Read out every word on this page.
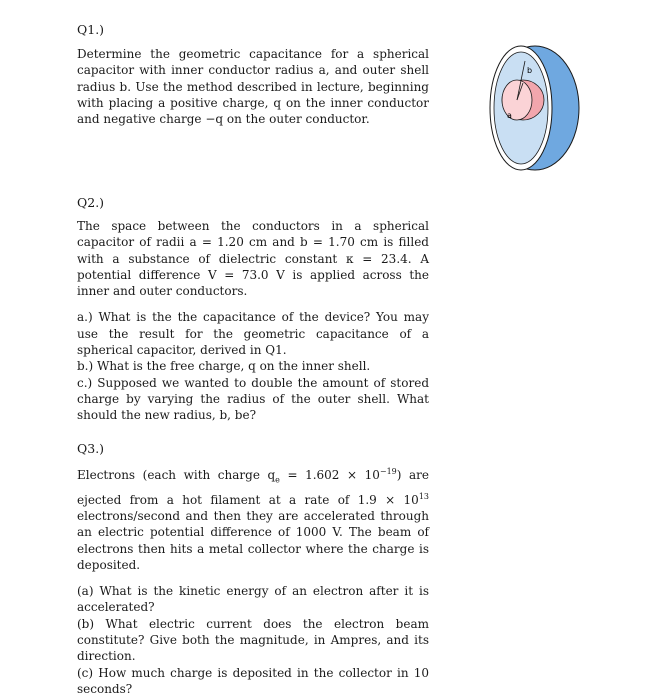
Q1.)

Determine the geometric capacitance for a spherical capacitor with inner conductor radius a, and outer shell radius b. Use the method described in lecture, beginning with placing a positive charge, q on the inner conductor and negative charge −q on the outer conductor.

b
a
Q2.)

The space between the conductors in a spherical capacitor of radii a = 1.20 cm and b = 1.70 cm is filled with a substance of dielectric constant κ = 23.4. A potential difference V = 73.0 V is applied across the inner and outer conductors.

a.) What is the the capacitance of the device? You may use the result for the geometric capacitance of a spherical capacitor, derived in Q1.

b.) What is the free charge, q on the inner shell.

c.) Supposed we wanted to double the amount of stored charge by varying the radius of the outer shell. What should the new radius, b, be?

Q3.)

Electrons (each with charge $q_e = 1.602 \times 10^{-19}$) are ejected from a hot filament at a rate of $1.9 \times 10^{13}$ electrons/second and then they are accelerated through an electric potential difference of 1000 V. The beam of electrons then hits a metal collector where the charge is deposited.

(a) What is the kinetic energy of an electron after it is accelerated?

(b) What electric current does the electron beam constitute? Give both the magnitude, in Ampres, and its direction.

(c) How much charge is deposited in the collector in 10 seconds?
